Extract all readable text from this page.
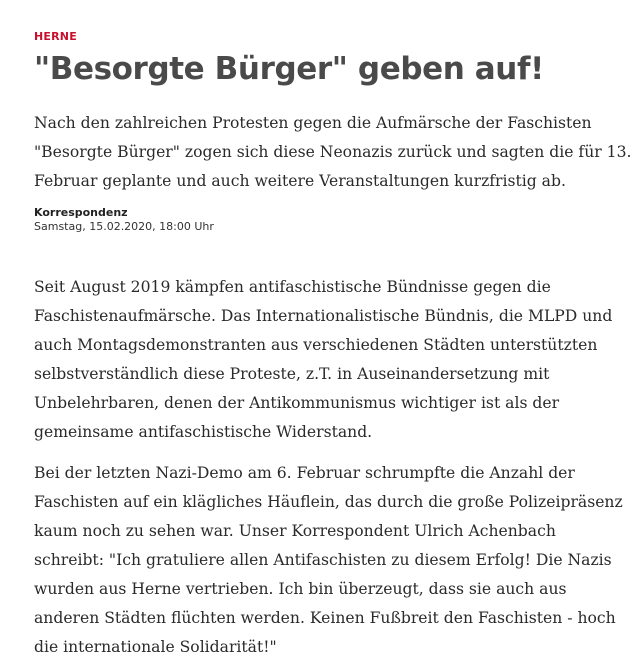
HERNE
"Besorgte Bürger" geben auf!

Nach den zahlreichen Protesten gegen die Aufmärsche der Faschisten
"Besorgte Bürger" zogen sich diese Neonazis zurück und sagten die für 13.
Februar geplante und auch weitere Veranstaltungen kurzfristig ab.

Korrespondenz
Samstag, 15.02.2020, 18:00 Uhr

Seit August 2019 kämpfen antifaschistische Bündnisse gegen die
Faschistenaufmärsche. Das Internationalistische Bündnis, die MLPD und
auch Montagsdemonstranten aus verschiedenen Städten unterstützten
selbstverständlich diese Proteste, z.T. in Auseinandersetzung mit
Unbelehrbaren, denen der Antikommunismus wichtiger ist als der
gemeinsame antifaschistische Widerstand.

Bei der letzten Nazi-Demo am 6. Februar schrumpfte die Anzahl der
Faschisten auf ein klägliches Häuflein, das durch die große Polizeipräsenz
kaum noch zu sehen war. Unser Korrespondent Ulrich Achenbach
schreibt: "Ich gratuliere allen Antifaschisten zu diesem Erfolg! Die Nazis
wurden aus Herne vertrieben. Ich bin überzeugt, dass sie auch aus
anderen Städten flüchten werden. Keinen Fußbreit den Faschisten - hoch
die internationale Solidarität!"
